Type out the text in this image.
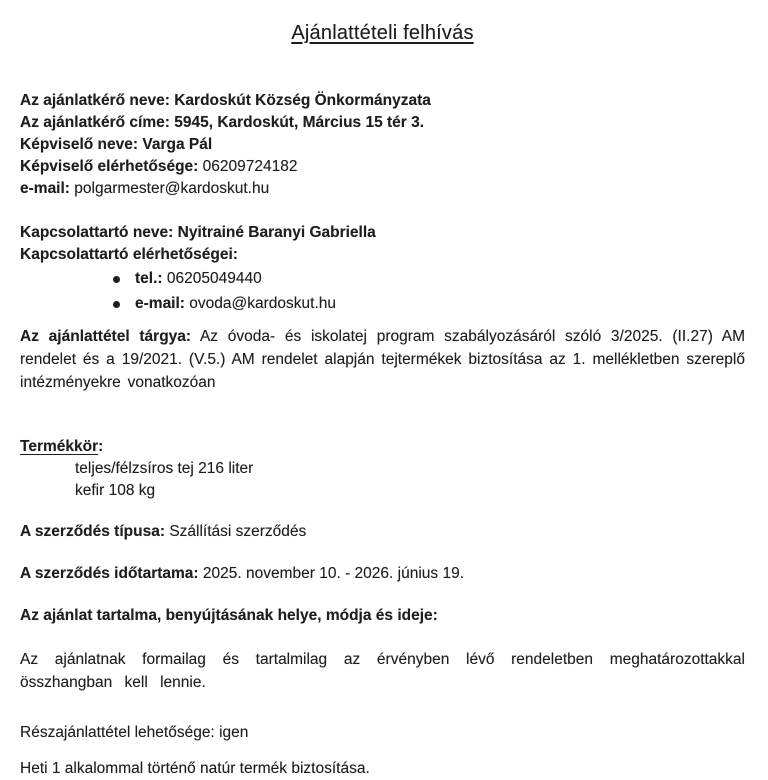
Ajánlattételi felhívás
Az ajánlatkérő neve: Kardoskút Község Önkormányzata
Az ajánlatkérő címe: 5945, Kardoskút, Március 15 tér 3.
Képviselő neve: Varga Pál
Képviselő elérhetősége: 06209724182
e-mail: polgarmester@kardoskut.hu
Kapcsolattartó neve: Nyitrainé Baranyi Gabriella
Kapcsolattartó elérhetőségei:
tel.: 06205049440
e-mail: ovoda@kardoskut.hu

Az ajánlattétel tárgya: Az óvoda- és iskolatej program szabályozásáról szóló 3/2025. (II.27) AM rendelet és a 19/2021. (V.5.) AM rendelet alapján tejtermékek biztosítása az 1. mellékletben szereplő intézményekre vonatkozóan

Termékkör:
teljes/félzsíros tej 216 liter
kefir 108 kg
A szerződés típusa: Szállítási szerződés
A szerződés időtartama: 2025. november 10. - 2026. június 19.
Az ajánlat tartalma, benyújtásának helye, módja és ideje:

Az ajánlatnak formailag és tartalmilag az érvényben lévő rendeletben meghatározottakkal összhangban kell lennie.

Részajánlattétel lehetősége: igen
Heti 1 alkalommal történő natúr termék biztosítása.
